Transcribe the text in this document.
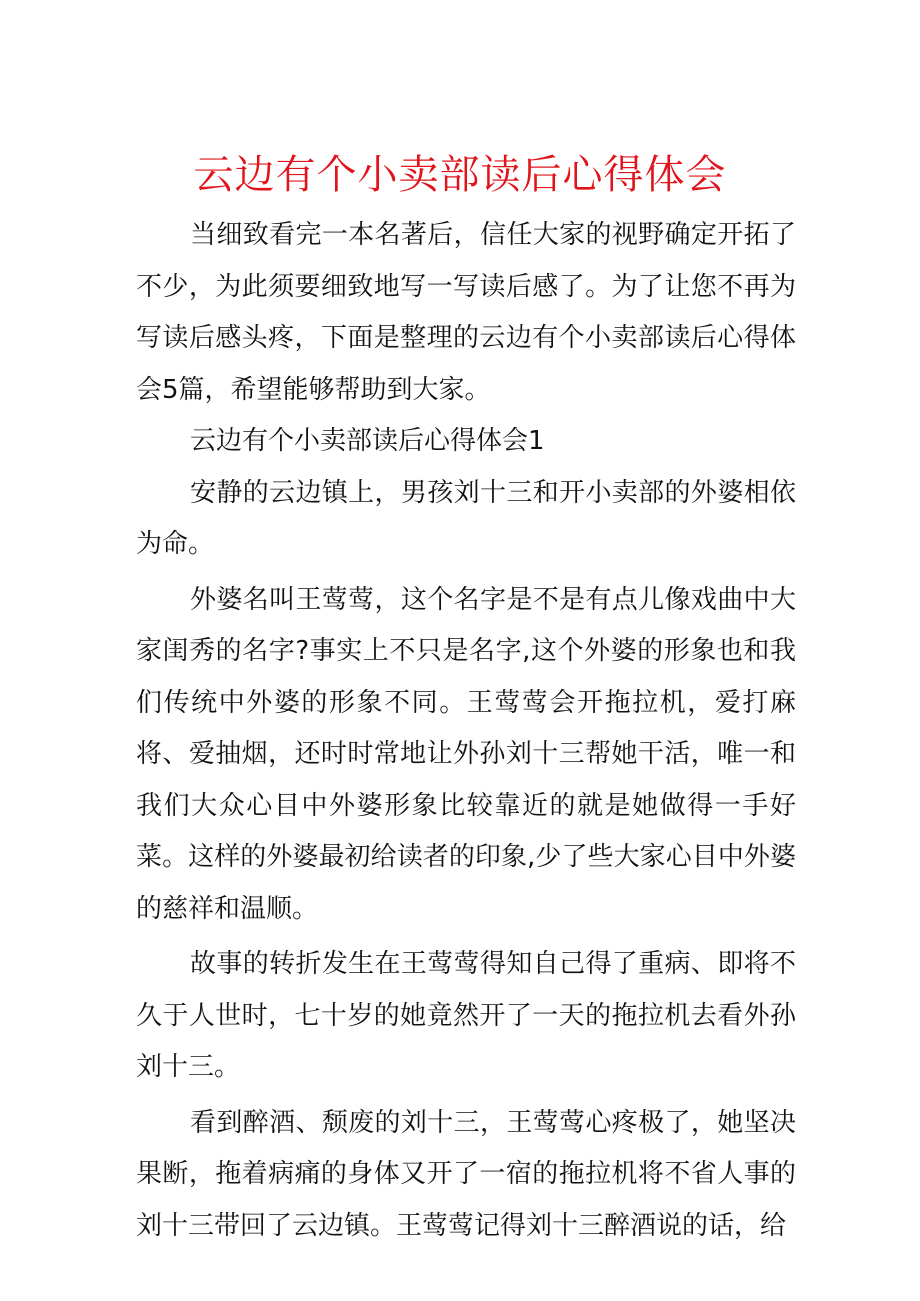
云边有个小卖部读后心得体会

当细致看完一本名著后，信任大家的视野确定开拓了不少，为此须要细致地写一写读后感了。为了让您不再为写读后感头疼，下面是整理的云边有个小卖部读后心得体会5篇，希望能够帮助到大家。

云边有个小卖部读后心得体会1

安静的云边镇上，男孩刘十三和开小卖部的外婆相依为命。

外婆名叫王莺莺，这个名字是不是有点儿像戏曲中大家闺秀的名字?事实上不只是名字,这个外婆的形象也和我们传统中外婆的形象不同。王莺莺会开拖拉机，爱打麻将、爱抽烟，还时时常地让外孙刘十三帮她干活，唯一和我们大众心目中外婆形象比较靠近的就是她做得一手好菜。这样的外婆最初给读者的印象,少了些大家心目中外婆的慈祥和温顺。

故事的转折发生在王莺莺得知自己得了重病、即将不久于人世时，七十岁的她竟然开了一天的拖拉机去看外孙刘十三。

看到醉酒、颓废的刘十三，王莺莺心疼极了，她坚决果断，拖着病痛的身体又开了一宿的拖拉机将不省人事的刘十三带回了云边镇。王莺莺记得刘十三醉酒说的话，给
